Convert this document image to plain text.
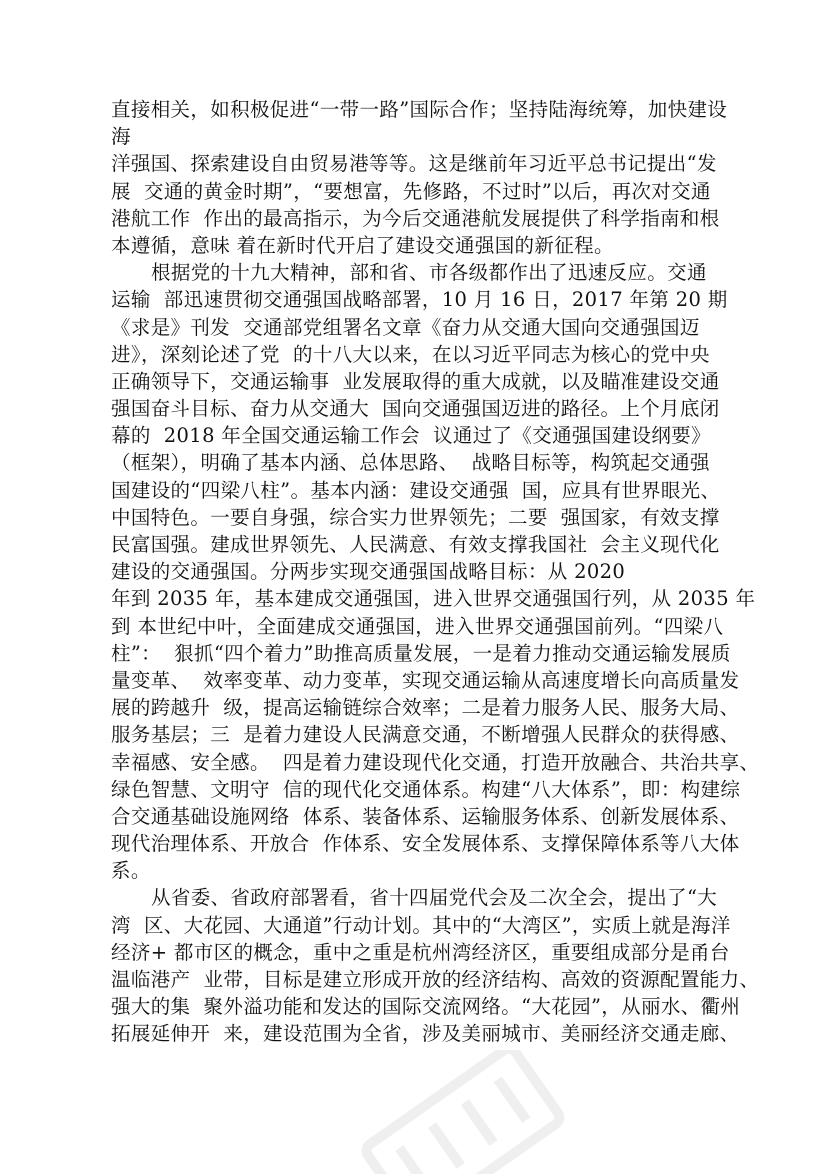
直接相关，如积极促进“一带一路”国际合作；坚持陆海统筹，加快建设
海
洋强国、探索建设自由贸易港等等。这是继前年习近平总书记提出“发
展  交通的黄金时期”，“要想富，先修路，不过时”以后，再次对交通
港航工作  作出的最高指示，为今后交通港航发展提供了科学指南和根
本遵循，意味 着在新时代开启了建设交通强国的新征程。
根据党的十九大精神，部和省、市各级都作出了迅速反应。交通
运输  部迅速贯彻交通强国战略部署，10 月 16 日，2017 年第 20 期
《求是》刊发  交通部党组署名文章《奋力从交通大国向交通强国迈
进》，深刻论述了党  的十八大以来，在以习近平同志为核心的党中央
正确领导下，交通运输事  业发展取得的重大成就，以及瞄准建设交通
强国奋斗目标、奋力从交通大  国向交通强国迈进的路径。上个月底闭
幕的  2018 年全国交通运输工作会  议通过了《交通强国建设纲要》
（框架），明确了基本内涵、总体思路、  战略目标等，构筑起交通强
国建设的“四梁八柱”。基本内涵：建设交通强  国，应具有世界眼光、
中国特色。一要自身强，综合实力世界领先；二要  强国家，有效支撑
民富国强。建成世界领先、人民满意、有效支撑我国社  会主义现代化
建设的交通强国。分两步实现交通强国战略目标：从 2020
年到 2035 年，基本建成交通强国，进入世界交通强国行列，从 2035 年
到 本世纪中叶，全面建成交通强国，进入世界交通强国前列。“四梁八
柱”：  狠抓“四个着力”助推高质量发展，一是着力推动交通运输发展质
量变革、  效率变革、动力变革，实现交通运输从高速度增长向高质量发
展的跨越升  级，提高运输链综合效率；二是着力服务人民、服务大局、
服务基层；三  是着力建设人民满意交通，不断增强人民群众的获得感、
幸福感、安全感。  四是着力建设现代化交通，打造开放融合、共治共享、
绿色智慧、文明守  信的现代化交通体系。构建“八大体系”，即：构建综
合交通基础设施网络  体系、装备体系、运输服务体系、创新发展体系、
现代治理体系、开放合  作体系、安全发展体系、支撑保障体系等八大体
系。
从省委、省政府部署看，省十四届党代会及二次全会，提出了“大
湾  区、大花园、大通道”行动计划。其中的“大湾区”，实质上就是海洋
经济+ 都市区的概念，重中之重是杭州湾经济区，重要组成部分是甬台
温临港产  业带，目标是建立形成开放的经济结构、高效的资源配置能力、
强大的集  聚外溢功能和发达的国际交流网络。“大花园”，从丽水、衢州
拓展延伸开  来，建设范围为全省，涉及美丽城市、美丽经济交通走廊、
